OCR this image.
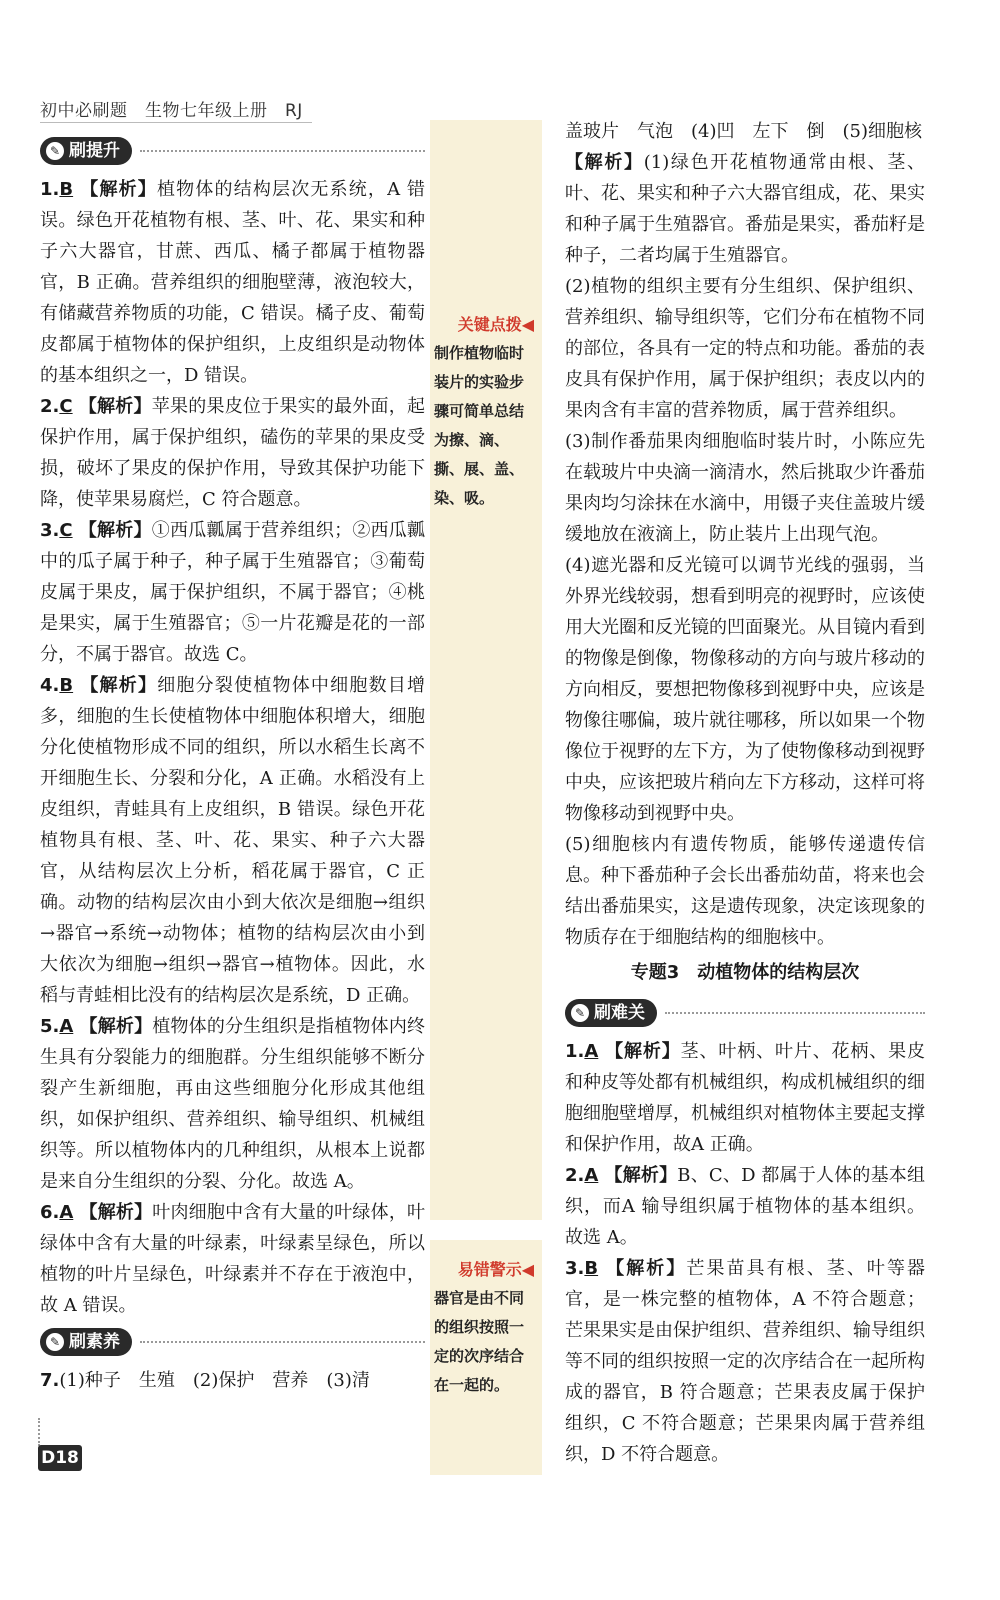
初中必刷题　生物七年级上册　RJ
关键点拨◀
制作植物临时装片的实验步骤可简单总结为擦、滴、撕、展、盖、染、吸。
易错警示◀
器官是由不同的组织按照一定的次序结合在一起的。
✎ 刷提升

1.B 【解析】植物体的结构层次无系统，A 错误。绿色开花植物有根、茎、叶、花、果实和种子六大器官，甘蔗、西瓜、橘子都属于植物器官，B 正确。营养组织的细胞壁薄，液泡较大，有储藏营养物质的功能，C 错误。橘子皮、葡萄皮都属于植物体的保护组织，上皮组织是动物体的基本组织之一，D 错误。

2.C 【解析】苹果的果皮位于果实的最外面，起保护作用，属于保护组织，磕伤的苹果的果皮受损，破坏了果皮的保护作用，导致其保护功能下降，使苹果易腐烂，C 符合题意。

3.C 【解析】①西瓜瓤属于营养组织；②西瓜瓤中的瓜子属于种子，种子属于生殖器官；③葡萄皮属于果皮，属于保护组织，不属于器官；④桃是果实，属于生殖器官；⑤一片花瓣是花的一部分，不属于器官。故选 C。

4.B 【解析】细胞分裂使植物体中细胞数目增多，细胞的生长使植物体中细胞体积增大，细胞分化使植物形成不同的组织，所以水稻生长离不开细胞生长、分裂和分化，A 正确。水稻没有上皮组织，青蛙具有上皮组织，B 错误。绿色开花植物具有根、茎、叶、花、果实、种子六大器官，从结构层次上分析，稻花属于器官，C 正确。动物的结构层次由小到大依次是细胞→组织→器官→系统→动物体；植物的结构层次由小到大依次为细胞→组织→器官→植物体。因此，水稻与青蛙相比没有的结构层次是系统，D 正确。

5.A 【解析】植物体的分生组织是指植物体内终生具有分裂能力的细胞群。分生组织能够不断分裂产生新细胞，再由这些细胞分化形成其他组织，如保护组织、营养组织、输导组织、机械组织等。所以植物体内的几种组织，从根本上说都是来自分生组织的分裂、分化。故选 A。

6.A 【解析】叶肉细胞中含有大量的叶绿体，叶绿体中含有大量的叶绿素，叶绿素呈绿色，所以植物的叶片呈绿色，叶绿素并不存在于液泡中，故 A 错误。

✎ 刷素养

7.(1)种子　生殖　(2)保护　营养　(3)清

盖玻片　气泡　(4)凹　左下　倒　(5)细胞核

【解析】(1)绿色开花植物通常由根、茎、叶、花、果实和种子六大器官组成，花、果实和种子属于生殖器官。番茄是果实，番茄籽是种子，二者均属于生殖器官。

(2)植物的组织主要有分生组织、保护组织、营养组织、输导组织等，它们分布在植物不同的部位，各具有一定的特点和功能。番茄的表皮具有保护作用，属于保护组织；表皮以内的果肉含有丰富的营养物质，属于营养组织。

(3)制作番茄果肉细胞临时装片时，小陈应先在载玻片中央滴一滴清水，然后挑取少许番茄果肉均匀涂抹在水滴中，用镊子夹住盖玻片缓缓地放在液滴上，防止装片上出现气泡。

(4)遮光器和反光镜可以调节光线的强弱，当外界光线较弱，想看到明亮的视野时，应该使用大光圈和反光镜的凹面聚光。从目镜内看到的物像是倒像，物像移动的方向与玻片移动的方向相反，要想把物像移到视野中央，应该是物像往哪偏，玻片就往哪移，所以如果一个物像位于视野的左下方，为了使物像移动到视野中央，应该把玻片稍向左下方移动，这样可将物像移动到视野中央。

(5)细胞核内有遗传物质，能够传递遗传信息。种下番茄种子会长出番茄幼苗，将来也会结出番茄果实，这是遗传现象，决定该现象的物质存在于细胞结构的细胞核中。

专题3　动植物体的结构层次
✎ 刷难关

1.A 【解析】茎、叶柄、叶片、花柄、果皮和种皮等处都有机械组织，构成机械组织的细胞细胞壁增厚，机械组织对植物体主要起支撑和保护作用，故A 正确。

2.A 【解析】B、C、D 都属于人体的基本组织，而A 输导组织属于植物体的基本组织。故选 A。

3.B 【解析】芒果苗具有根、茎、叶等器官，是一株完整的植物体，A 不符合题意；芒果果实是由保护组织、营养组织、输导组织等不同的组织按照一定的次序结合在一起所构成的器官，B 符合题意；芒果表皮属于保护组织，C 不符合题意；芒果果肉属于营养组织，D 不符合题意。

D18
